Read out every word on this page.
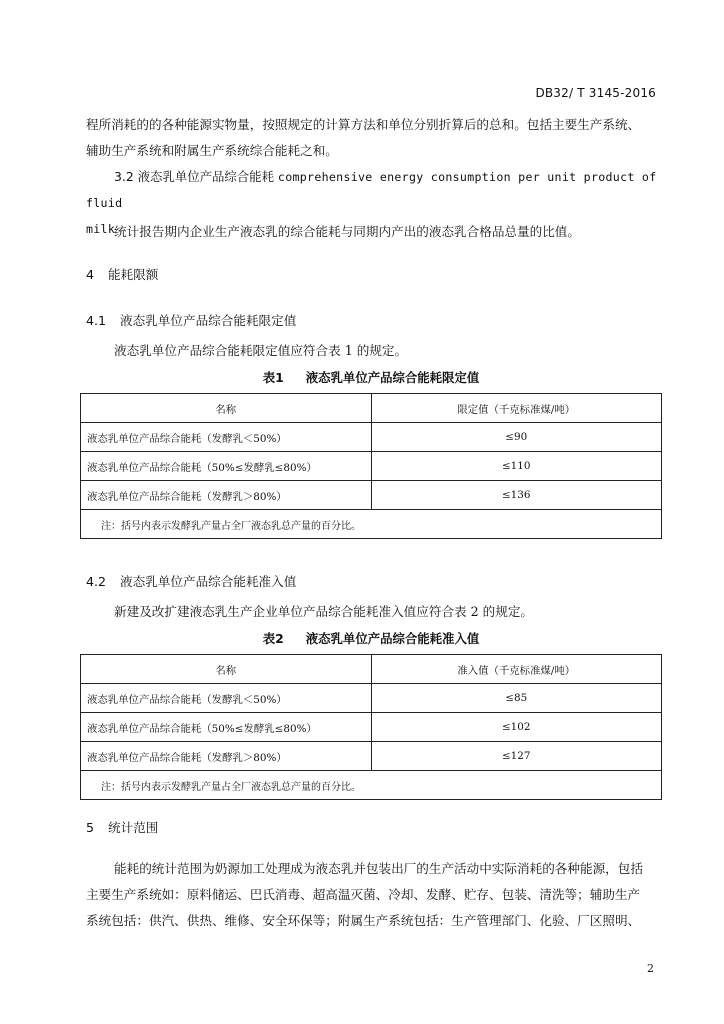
DB32/ T 3145-2016
程所消耗的的各种能源实物量，按照规定的计算方法和单位分别折算后的总和。包括主要生产系统、
辅助生产系统和附属生产系统综合能耗之和。
3.2 液态乳单位产品综合能耗 comprehensive energy consumption per unit product of fluid
milk
统计报告期内企业生产液态乳的综合能耗与同期内产出的液态乳合格品总量的比值。
4 能耗限额
4.1 液态乳单位产品综合能耗限定值
液态乳单位产品综合能耗限定值应符合表 1 的规定。
表1 液态乳单位产品综合能耗限定值
名称	限定值（千克标准煤/吨）
液态乳单位产品综合能耗（发酵乳＜50%）	≤90
液态乳单位产品综合能耗（50%≤发酵乳≤80%）	≤110
液态乳单位产品综合能耗（发酵乳＞80%）	≤136
注：括号内表示发酵乳产量占全厂液态乳总产量的百分比。	
4.2 液态乳单位产品综合能耗准入值
新建及改扩建液态乳生产企业单位产品综合能耗准入值应符合表 2 的规定。
表2 液态乳单位产品综合能耗准入值
名称	准入值（千克标准煤/吨）
液态乳单位产品综合能耗（发酵乳＜50%）	≤85
液态乳单位产品综合能耗（50%≤发酵乳≤80%）	≤102
液态乳单位产品综合能耗（发酵乳＞80%）	≤127
注：括号内表示发酵乳产量占全厂液态乳总产量的百分比。	
5 统计范围
能耗的统计范围为奶源加工处理成为液态乳并包装出厂的生产活动中实际消耗的各种能源，包括
主要生产系统如：原料储运、巴氏消毒、超高温灭菌、冷却、发酵、贮存、包装、清洗等；辅助生产
系统包括：供汽、供热、维修、安全环保等；附属生产系统包括：生产管理部门、化验、厂区照明、
2
